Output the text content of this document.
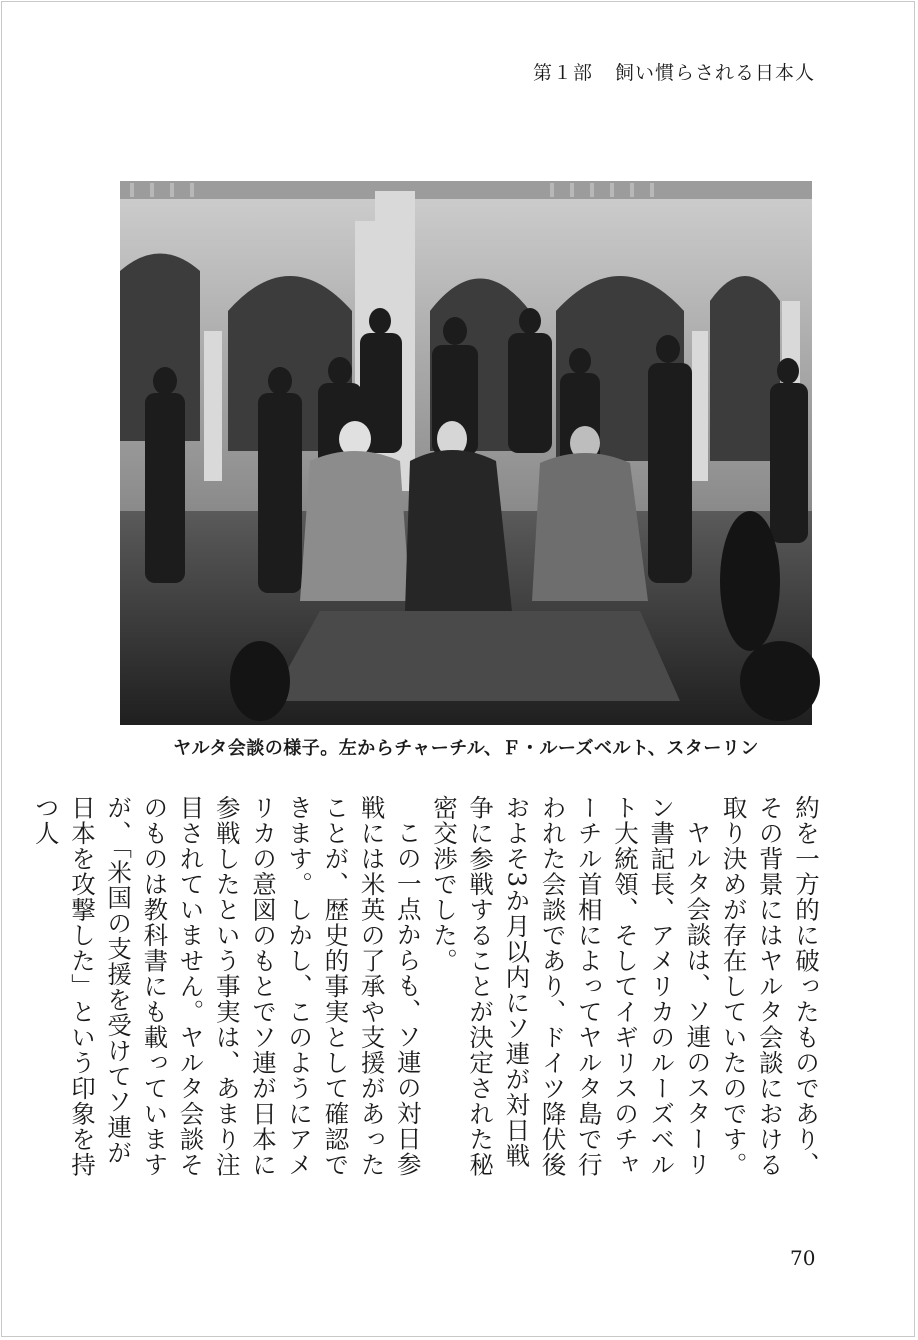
第１部 飼い慣らされる日本人
ヤルタ会談の様子。左からチャーチル、Ｆ・ルーズベルト、スターリン

約を一方的に破ったものであり、その背景にはヤルタ会談における取り決めが存在していたのです。

ヤルタ会談は、ソ連のスターリン書記長、アメリカのルーズベルト大統領、そしてイギリスのチャーチル首相によってヤルタ島で行われた会談であり、ドイツ降伏後およそ3か月以内にソ連が対日戦争に参戦することが決定された秘密交渉でした。

この一点からも、ソ連の対日参戦には米英の了承や支援があったことが、歴史的事実として確認できます。しかし、このようにアメリカの意図のもとでソ連が日本に参戦したという事実は、あまり注目されていません。ヤルタ会談そのものは教科書にも載っていますが、「米国の支援を受けてソ連が日本を攻撃した」という印象を持つ人

70
